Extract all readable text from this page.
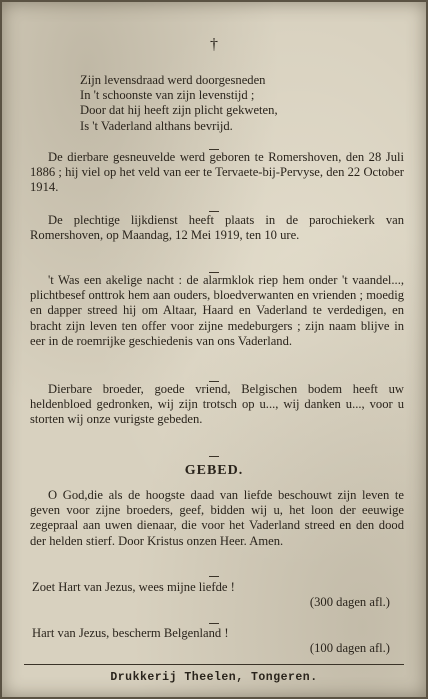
†
Zijn levensdraad werd doorgesneden
In 't schoonste van zijn levenstijd ;
Door dat hij heeft zijn plicht gekweten,
Is 't Vaderland althans bevrijd.

De dierbare gesneuvelde werd geboren te Romershoven, den 28 Juli 1886 ; hij viel op het veld van eer te Tervaete-bij-Pervyse, den 22 October 1914.

De plechtige lijkdienst heeft plaats in de parochiekerk van Romershoven, op Maandag, 12 Mei 1919, ten 10 ure.

't Was een akelige nacht : de alarmklok riep hem onder 't vaandel..., plichtbesef onttrok hem aan ouders, bloedverwanten en vrienden ; moedig en dapper streed hij om Altaar, Haard en Vaderland te verdedigen, en bracht zijn leven ten offer voor zijne medeburgers ; zijn naam blijve in eer in de roemrijke geschiedenis van ons Vaderland.

Dierbare broeder, goede vriend, Belgischen bodem heeft uw heldenbloed gedronken, wij zijn trotsch op u..., wij danken u..., voor u storten wij onze vurigste gebeden.

GEBED.

O God,die als de hoogste daad van liefde beschouwt zijn leven te geven voor zijne broeders, geef, bidden wij u, het loon der eeuwige zegepraal aan uwen dienaar, die voor het Vaderland streed en den dood der helden stierf. Door Kristus onzen Heer. Amen.

Zoet Hart van Jezus, wees mijne liefde !
(300 dagen afl.)
Hart van Jezus, bescherm Belgenland !
(100 dagen afl.)
Drukkerij Theelen, Tongeren.
